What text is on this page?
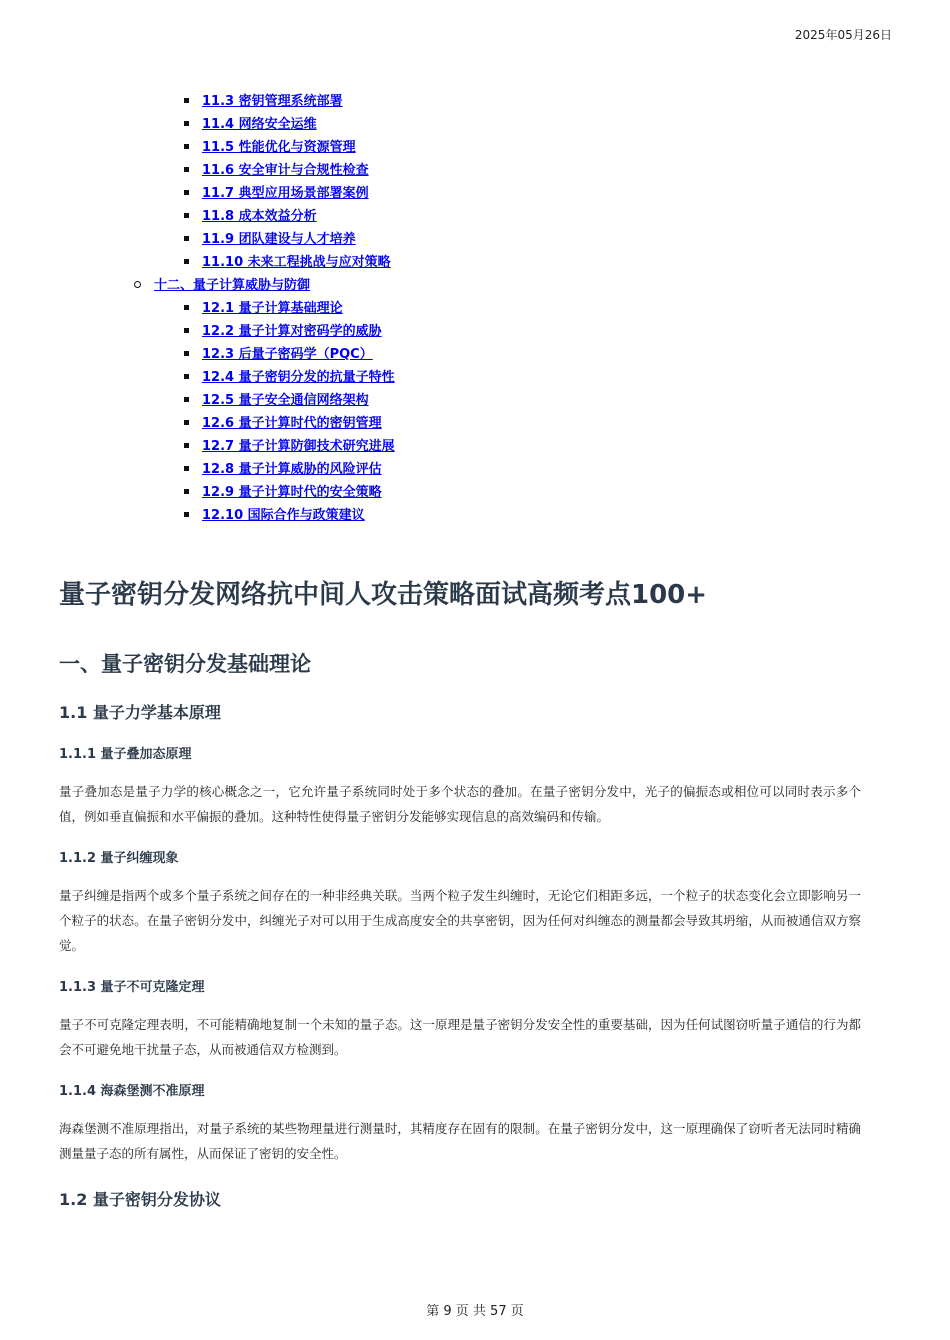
2025年05月26日
11.3 密钥管理系统部署
11.4 网络安全运维
11.5 性能优化与资源管理
11.6 安全审计与合规性检查
11.7 典型应用场景部署案例
11.8 成本效益分析
11.9 团队建设与人才培养
11.10 未来工程挑战与应对策略
十二、量子计算威胁与防御
12.1 量子计算基础理论
12.2 量子计算对密码学的威胁
12.3 后量子密码学（PQC）
12.4 量子密钥分发的抗量子特性
12.5 量子安全通信网络架构
12.6 量子计算时代的密钥管理
12.7 量子计算防御技术研究进展
12.8 量子计算威胁的风险评估
12.9 量子计算时代的安全策略
12.10 国际合作与政策建议
量子密钥分发网络抗中间人攻击策略面试高频考点100+
一、量子密钥分发基础理论
1.1 量子力学基本原理
1.1.1 量子叠加态原理

量子叠加态是量子力学的核心概念之一，它允许量子系统同时处于多个状态的叠加。在量子密钥分发中，光子的偏振态或相位可以同时表示多个值，例如垂直偏振和水平偏振的叠加。这种特性使得量子密钥分发能够实现信息的高效编码和传输。

1.1.2 量子纠缠现象

量子纠缠是指两个或多个量子系统之间存在的一种非经典关联。当两个粒子发生纠缠时，无论它们相距多远，一个粒子的状态变化会立即影响另一个粒子的状态。在量子密钥分发中，纠缠光子对可以用于生成高度安全的共享密钥，因为任何对纠缠态的测量都会导致其坍缩，从而被通信双方察觉。

1.1.3 量子不可克隆定理

量子不可克隆定理表明，不可能精确地复制一个未知的量子态。这一原理是量子密钥分发安全性的重要基础，因为任何试图窃听量子通信的行为都会不可避免地干扰量子态，从而被通信双方检测到。

1.1.4 海森堡测不准原理

海森堡测不准原理指出，对量子系统的某些物理量进行测量时，其精度存在固有的限制。在量子密钥分发中，这一原理确保了窃听者无法同时精确测量量子态的所有属性，从而保证了密钥的安全性。

1.2 量子密钥分发协议
第 9 页 共 57 页
